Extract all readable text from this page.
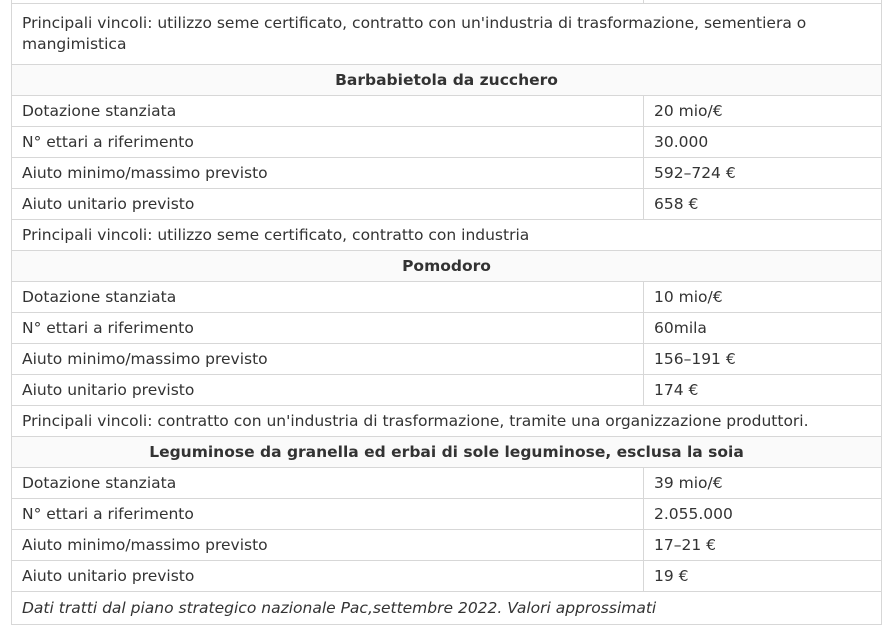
Principali vincoli: utilizzo seme certificato, contratto con un'industria di trasformazione, sementiera o mangimistica	
Barbabietola da zucchero	
Dotazione stanziata	20 mio/€
N° ettari a riferimento	30.000
Aiuto minimo/massimo previsto	592–724 €
Aiuto unitario previsto	658 €
Principali vincoli: utilizzo seme certificato, contratto con industria	
Pomodoro	
Dotazione stanziata	10 mio/€
N° ettari a riferimento	60mila
Aiuto minimo/massimo previsto	156–191 €
Aiuto unitario previsto	174 €
Principali vincoli: contratto con un'industria di trasformazione, tramite una organizzazione produttori.	
Leguminose da granella ed erbai di sole leguminose, esclusa la soia	
Dotazione stanziata	39 mio/€
N° ettari a riferimento	2.055.000
Aiuto minimo/massimo previsto	17–21 €
Aiuto unitario previsto	19 €
Dati tratti dal piano strategico nazionale Pac,settembre 2022. Valori approssimati	
